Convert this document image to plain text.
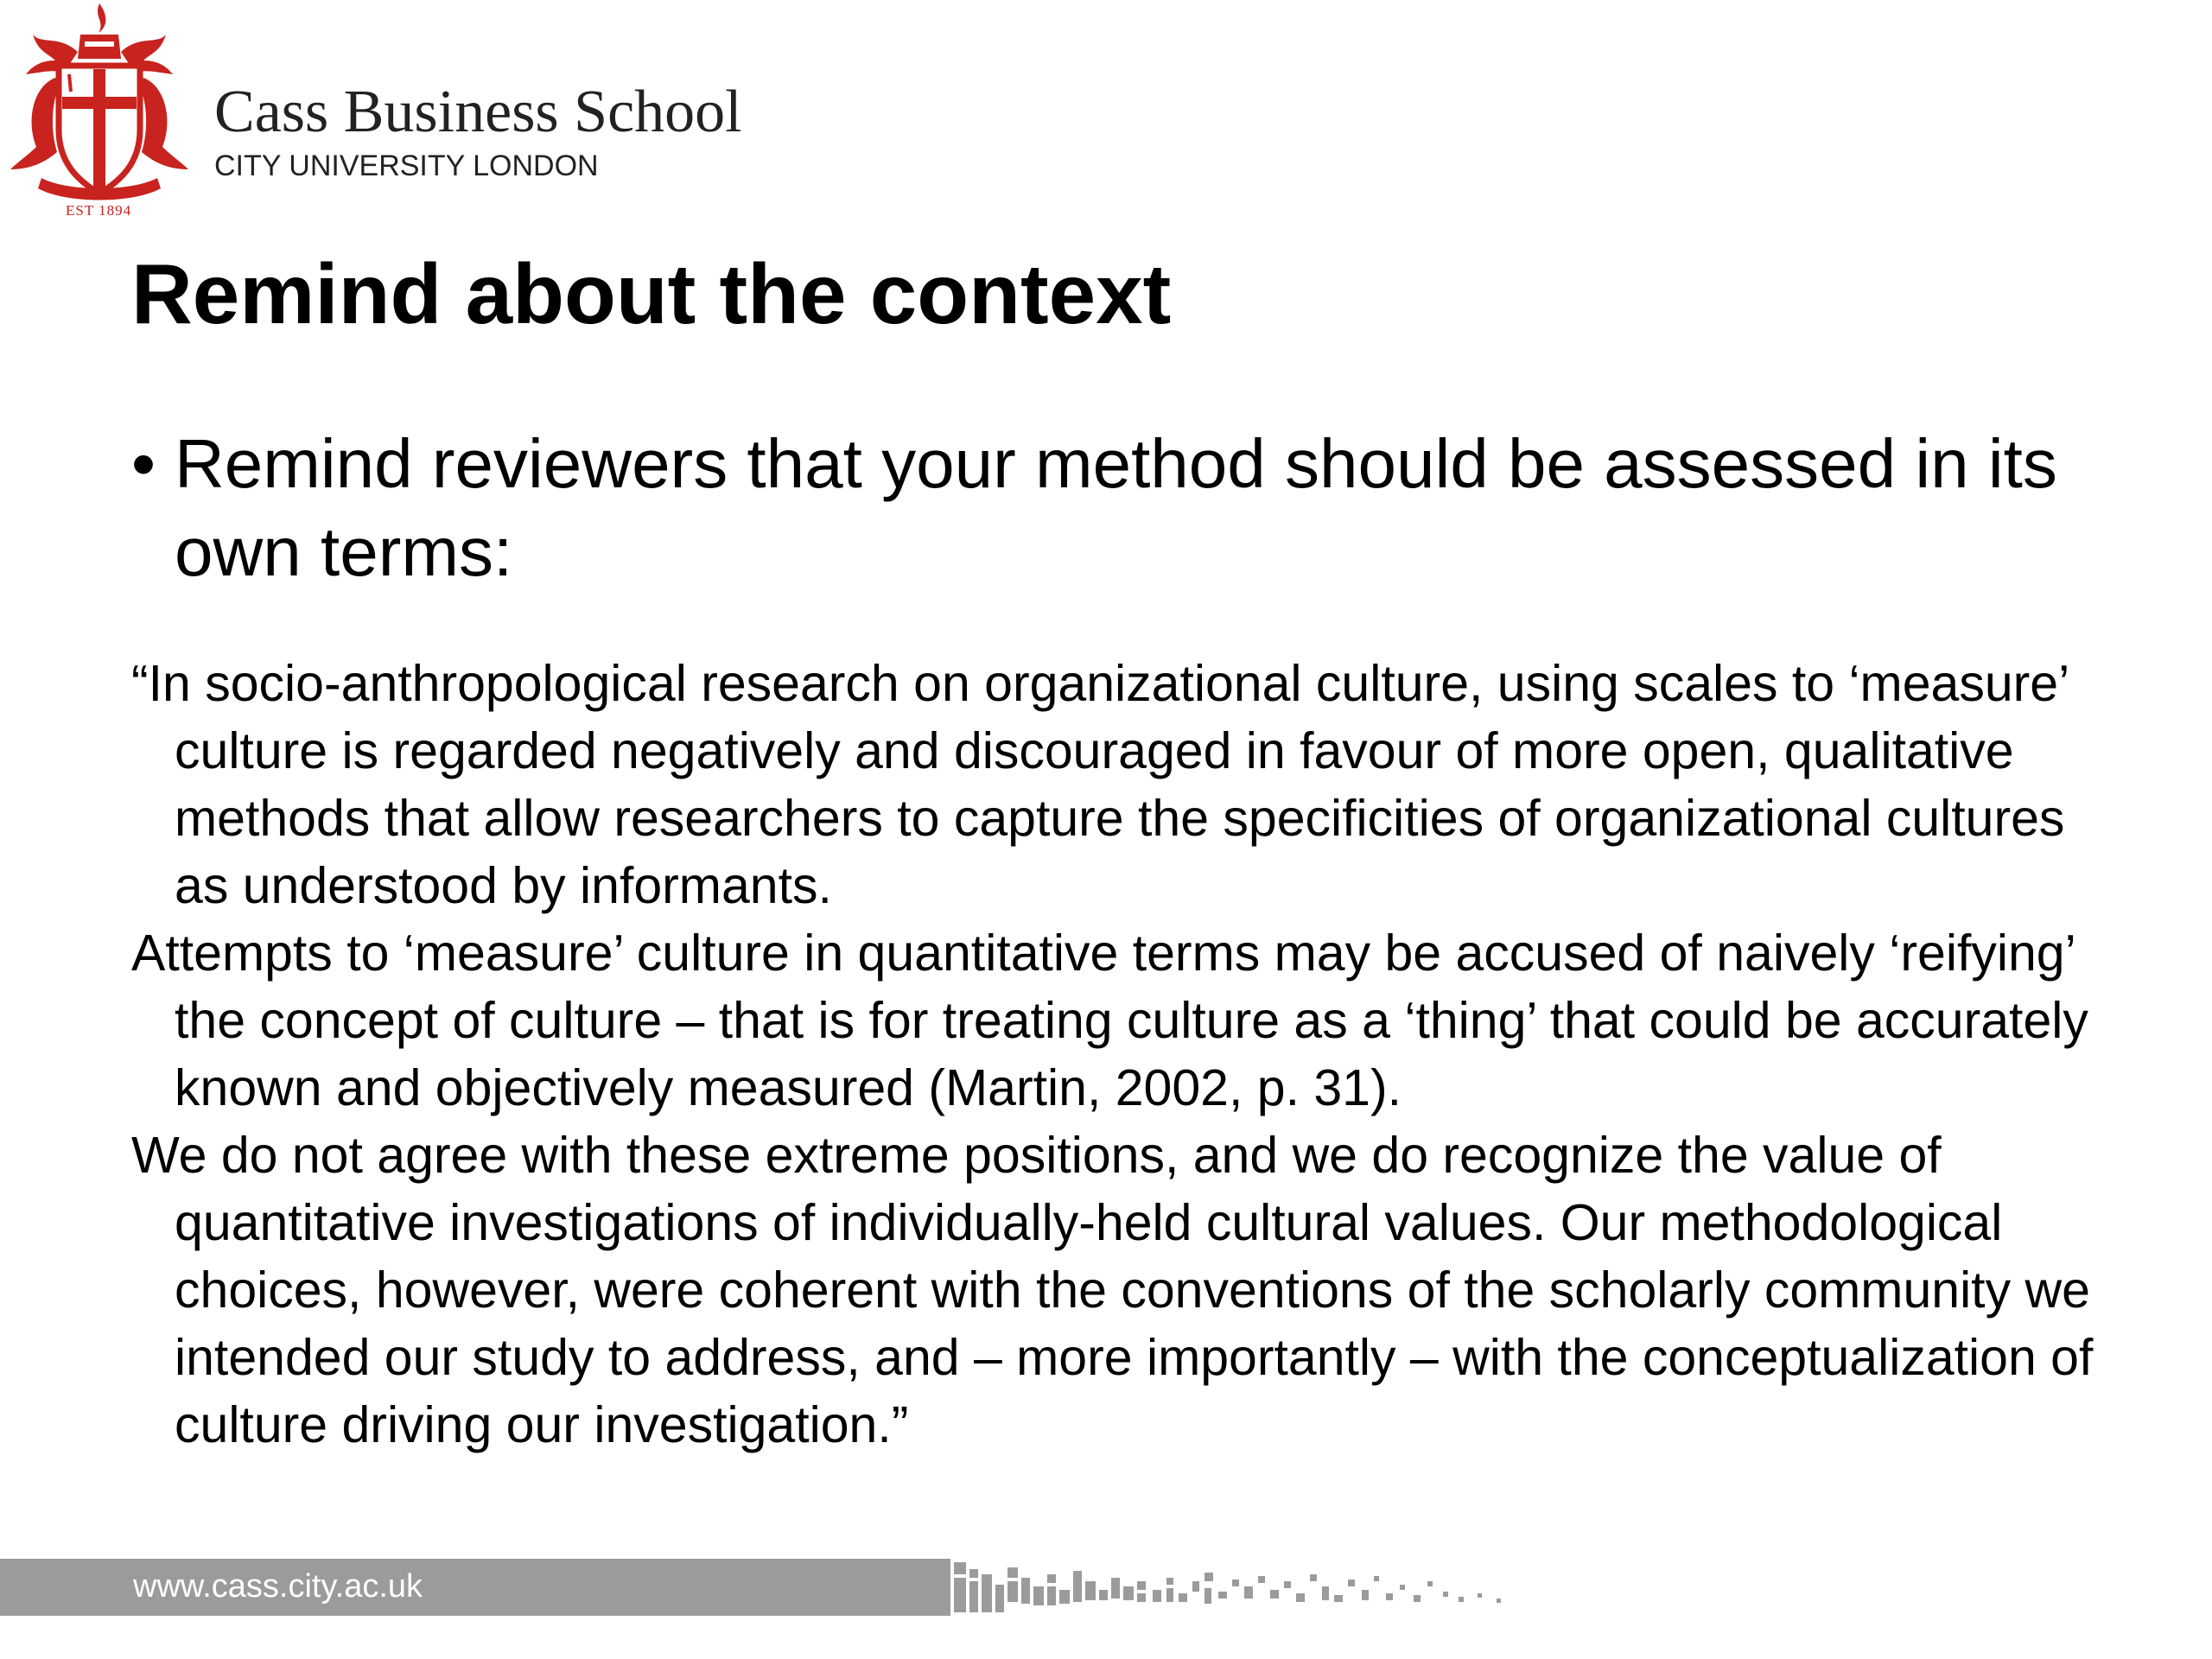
EST 1894
Cass Business School
CITY UNIVERSITY LONDON
Remind about the context
• Remind reviewers that your method should be assessed in its own terms:

“In socio-anthropological research on organizational culture, using scales to ‘measure’ culture is regarded negatively and discouraged in favour of more open, qualitative methods that allow researchers to capture the specificities of organizational cultures as understood by informants.

Attempts to ‘measure’ culture in quantitative terms may be accused of naively ‘reifying’ the concept of culture – that is for treating culture as a ‘thing’ that could be accurately known and objectively measured (Martin, 2002, p. 31).

We do not agree with these extreme positions, and we do recognize the value of quantitative investigations of individually-held cultural values. Our methodological choices, however, were coherent with the conventions of the scholarly community we intended our study to address, and – more importantly – with the conceptualization of culture driving our investigation.”

www.cass.city.ac.uk
